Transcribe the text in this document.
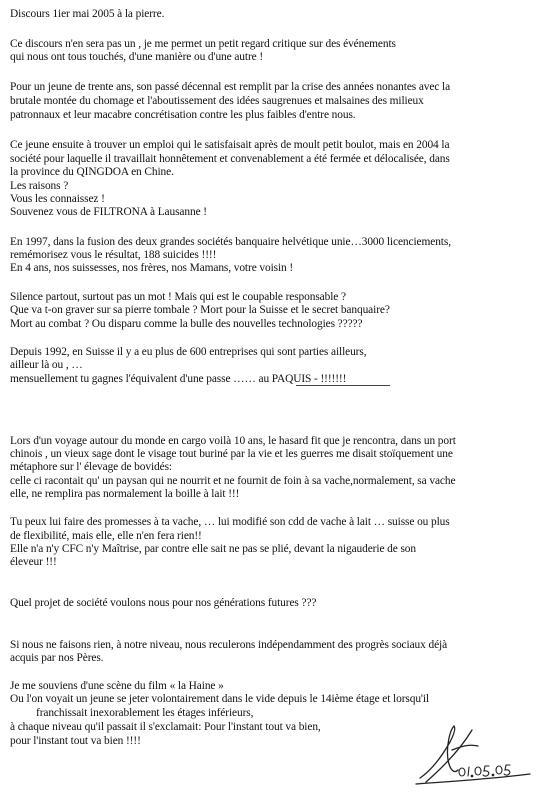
Discours 1ier mai 2005 à la pierre.
Ce discours n'en sera pas un , je me permet un petit regard critique sur des événements
qui nous ont tous touchés, d'une manière ou d'une autre !
Pour un jeune de trente ans, son passé décennal est remplit par la crise des années nonantes avec la
brutale montée du chomage et l'aboutissement des idées saugrenues et malsaines des milieux
patronnaux et leur macabre concrétisation contre les plus faibles d'entre nous.
Ce jeune ensuite à trouver un emploi qui le satisfaisait après de moult petit boulot, mais en 2004 la
société pour laquelle il travaillait honnêtement et convenablement a été fermée et délocalisée, dans
la province du QINGDOA en Chine.
Les raisons ?
Vous les connaissez !
Souvenez vous de FILTRONA à Lausanne !
En 1997, dans la fusion des deux grandes sociétés banquaire helvétique unie…3000 licenciements,
remémorisez vous le résultat, 188 suicides !!!!
En 4 ans, nos suissesses, nos frères, nos Mamans, votre voisin !
Silence partout, surtout pas un mot ! Mais qui est le coupable responsable ?
Que va t-on graver sur sa pierre tombale ? Mort pour la Suisse et le secret banquaire?
Mort au combat ? Ou disparu comme la bulle des nouvelles technologies ?????
Depuis 1992, en Suisse il y a eu plus de 600 entreprises qui sont parties ailleurs,
ailleur là ou , …
mensuellement tu gagnes l'équivalent d'une passe …… au PAQUIS - !!!!!!!
Lors d'un voyage autour du monde en cargo voilà 10 ans, le hasard fit que je rencontra, dans un port
chinois , un vieux sage dont le visage tout buriné par la vie et les guerres me disait stoïquement une
métaphore sur l' élevage de bovidés:
celle ci racontait qu' un paysan qui ne nourrit et ne fournit de foin à sa vache,normalement, sa vache
elle, ne remplira pas normalement la boille à lait !!!
Tu peux lui faire des promesses à ta vache, … lui modifié son cdd de vache à lait … suisse ou plus
de flexibilité, mais elle, elle n'en fera rien!!
Elle n'a n'y CFC n'y Maîtrise, par contre elle sait ne pas se plié, devant la nigauderie de son
éleveur !!!
Quel projet de société voulons nous pour nos générations futures ???
Si nous ne faisons rien, à notre niveau, nous reculerons indépendamment des progrès sociaux déjà
acquis par nos Pères.
Je me souviens d'une scène du film « la Haine »
Ou l'on voyait un jeune se jeter volontairement dans le vide depuis le 14ième étage et lorsqu'il
franchissait inexorablement les étages inférieurs,
à chaque niveau qu'il passait il s'exclamait: Pour l'instant tout va bien,
pour l'instant tout va bien !!!!
